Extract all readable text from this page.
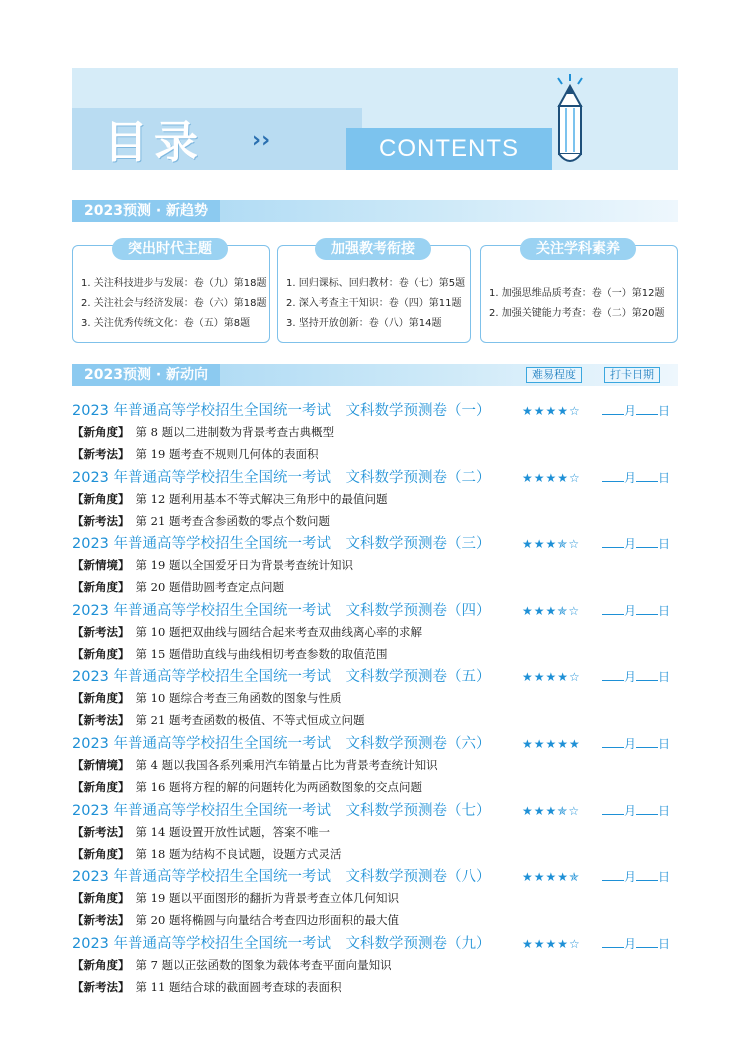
目录 ››	CONTENTS
2023预测 · 新趋势
1. 关注科技进步与发展：卷（九）第18题
2. 关注社会与经济发展：卷（六）第18题
3. 关注优秀传统文化：卷（五）第8题
突出时代主题
1. 回归课标、回归教材：卷（七）第5题
2. 深入考查主干知识：卷（四）第11题
3. 坚持开放创新：卷（八）第14题
加强教考衔接
1. 加强思维品质考查：卷（一）第12题
2. 加强关键能力考查：卷（二）第20题
关注学科素养
2023预测 · 新动向	难易程度	打卡日期
2023 年普通高等学校招生全国统一考试　文科数学预测卷（一）	★★★★☆	月 日
【新角度】 第 8 题以二进制数为背景考查古典概型
【新考法】 第 19 题考查不规则几何体的表面积
2023 年普通高等学校招生全国统一考试　文科数学预测卷（二）	★★★★☆	月 日
【新角度】 第 12 题利用基本不等式解决三角形中的最值问题
【新考法】 第 21 题考查含参函数的零点个数问题
2023 年普通高等学校招生全国统一考试　文科数学预测卷（三）	★★★✯☆	月 日
【新情境】 第 19 题以全国爱牙日为背景考查统计知识
【新角度】 第 20 题借助圆考查定点问题
2023 年普通高等学校招生全国统一考试　文科数学预测卷（四）	★★★✯☆	月 日
【新考法】 第 10 题把双曲线与圆结合起来考查双曲线离心率的求解
【新角度】 第 15 题借助直线与曲线相切考查参数的取值范围
2023 年普通高等学校招生全国统一考试　文科数学预测卷（五）	★★★★☆	月 日
【新角度】 第 10 题综合考查三角函数的图象与性质
【新考法】 第 21 题考查函数的极值、不等式恒成立问题
2023 年普通高等学校招生全国统一考试　文科数学预测卷（六）	★★★★★	月 日
【新情境】 第 4 题以我国各系列乘用汽车销量占比为背景考查统计知识
【新角度】 第 16 题将方程的解的问题转化为两函数图象的交点问题
2023 年普通高等学校招生全国统一考试　文科数学预测卷（七）	★★★✯☆	月 日
【新考法】 第 14 题设置开放性试题，答案不唯一
【新角度】 第 18 题为结构不良试题，设题方式灵活
2023 年普通高等学校招生全国统一考试　文科数学预测卷（八）	★★★★✯	月 日
【新角度】 第 19 题以平面图形的翻折为背景考查立体几何知识
【新考法】 第 20 题将椭圆与向量结合考查四边形面积的最大值
2023 年普通高等学校招生全国统一考试　文科数学预测卷（九）	★★★★☆	月 日
【新角度】 第 7 题以正弦函数的图象为载体考查平面向量知识
【新考法】 第 11 题结合球的截面圆考查球的表面积
